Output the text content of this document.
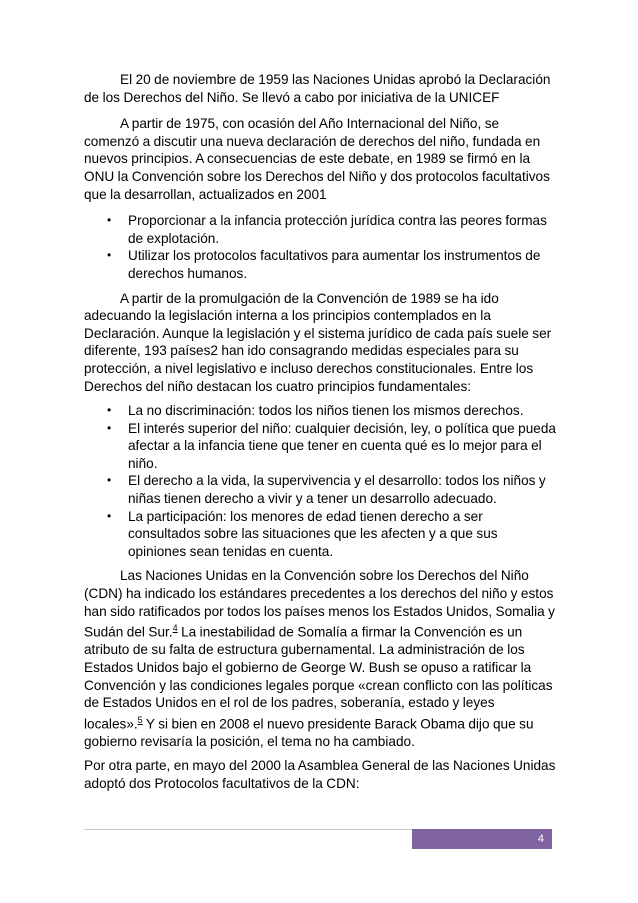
El 20 de noviembre de 1959 las Naciones Unidas aprobó la Declaración de los Derechos del Niño. Se llevó a cabo por iniciativa de la UNICEF

A partir de 1975, con ocasión del Año Internacional del Niño, se comenzó a discutir una nueva declaración de derechos del niño, fundada en nuevos principios. A consecuencias de este debate, en 1989 se firmó en la ONU la Convención sobre los Derechos del Niño y dos protocolos facultativos que la desarrollan, actualizados en 2001

• Proporcionar a la infancia protección jurídica contra las peores formas de explotación.
• Utilizar los protocolos facultativos para aumentar los instrumentos de derechos humanos.

A partir de la promulgación de la Convención de 1989 se ha ido adecuando la legislación interna a los principios contemplados en la Declaración. Aunque la legislación y el sistema jurídico de cada país suele ser diferente, 193 países2 han ido consagrando medidas especiales para su protección, a nivel legislativo e incluso derechos constitucionales. Entre los Derechos del niño destacan los cuatro principios fundamentales:

• La no discriminación: todos los niños tienen los mismos derechos.
• El interés superior del niño: cualquier decisión, ley, o política que pueda afectar a la infancia tiene que tener en cuenta qué es lo mejor para el niño.
• El derecho a la vida, la supervivencia y el desarrollo: todos los niños y niñas tienen derecho a vivir y a tener un desarrollo adecuado.
• La participación: los menores de edad tienen derecho a ser consultados sobre las situaciones que les afecten y a que sus opiniones sean tenidas en cuenta.

Las Naciones Unidas en la Convención sobre los Derechos del Niño (CDN) ha indicado los estándares precedentes a los derechos del niño y estos han sido ratificados por todos los países menos los Estados Unidos, Somalia y Sudán del Sur.$^4$ La inestabilidad de Somalía a firmar la Convención es un atributo de su falta de estructura gubernamental. La administración de los Estados Unidos bajo el gobierno de George W. Bush se opuso a ratificar la Convención y las condiciones legales porque «crean conflicto con las políticas de Estados Unidos en el rol de los padres, soberanía, estado y leyes locales».$^5$ Y si bien en 2008 el nuevo presidente Barack Obama dijo que su gobierno revisaría la posición, el tema no ha cambiado.

Por otra parte, en mayo del 2000 la Asamblea General de las Naciones Unidas adoptó dos Protocolos facultativos de la CDN:

4
